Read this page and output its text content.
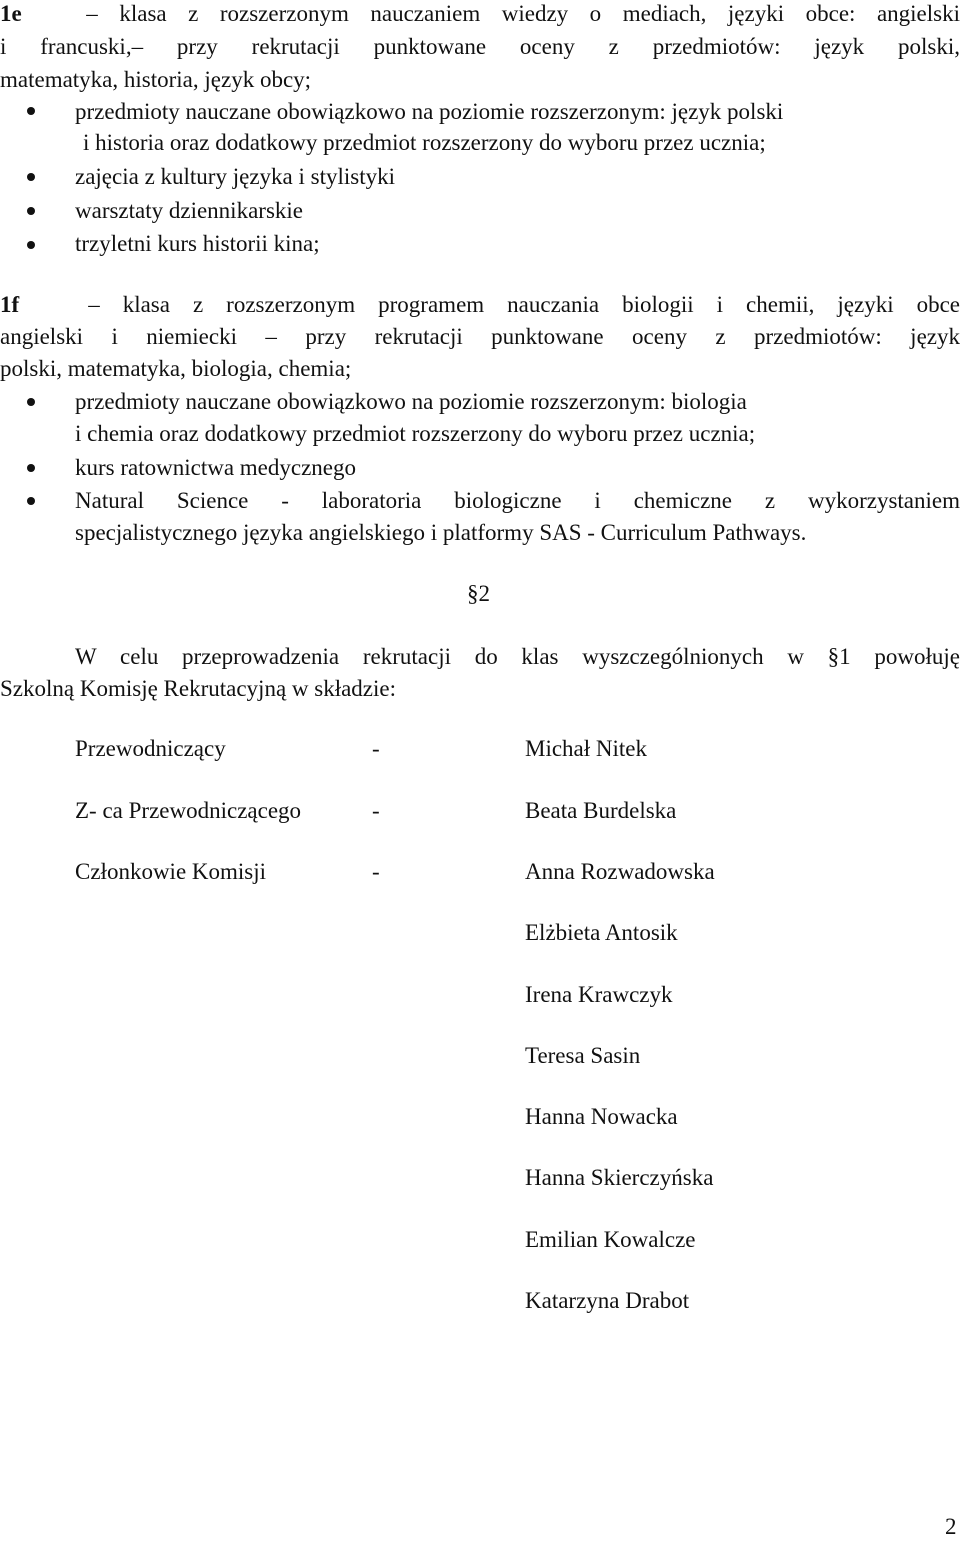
1e   – klasa z rozszerzonym nauczaniem wiedzy o mediach, języki obce: angielski
i francuski,– przy rekrutacji punktowane oceny z przedmiotów: język polski,
matematyka, historia, język obcy;
przedmioty nauczane obowiązkowo na poziomie rozszerzonym: język polski
i historia oraz dodatkowy przedmiot rozszerzony do wyboru przez ucznia;
zajęcia z kultury języka i stylistyki
warsztaty dziennikarskie
trzyletni kurs historii kina;
1f	– klasa z rozszerzonym programem nauczania biologii i chemii, języki obce
angielski i niemiecki – przy rekrutacji punktowane oceny z przedmiotów: język
polski, matematyka, biologia, chemia;
przedmioty nauczane obowiązkowo na poziomie rozszerzonym: biologia
i chemia oraz dodatkowy przedmiot rozszerzony do wyboru przez ucznia;
kurs ratownictwa medycznego
Natural Science - laboratoria biologiczne i chemiczne z wykorzystaniem
specjalistycznego języka angielskiego i platformy SAS - Curriculum Pathways.
§2
W celu przeprowadzenia rekrutacji do klas wyszczególnionych w §1 powołuję
Szkolną Komisję Rekrutacyjną w składzie:
Przewodniczący	-	Michał Nitek
Z- ca Przewodniczącego	-	Beata Burdelska
Członkowie Komisji	-	Anna Rozwadowska
Elżbieta Antosik
Irena Krawczyk
Teresa Sasin
Hanna Nowacka
Hanna Skierczyńska
Emilian Kowalcze
Katarzyna Drabot
2
